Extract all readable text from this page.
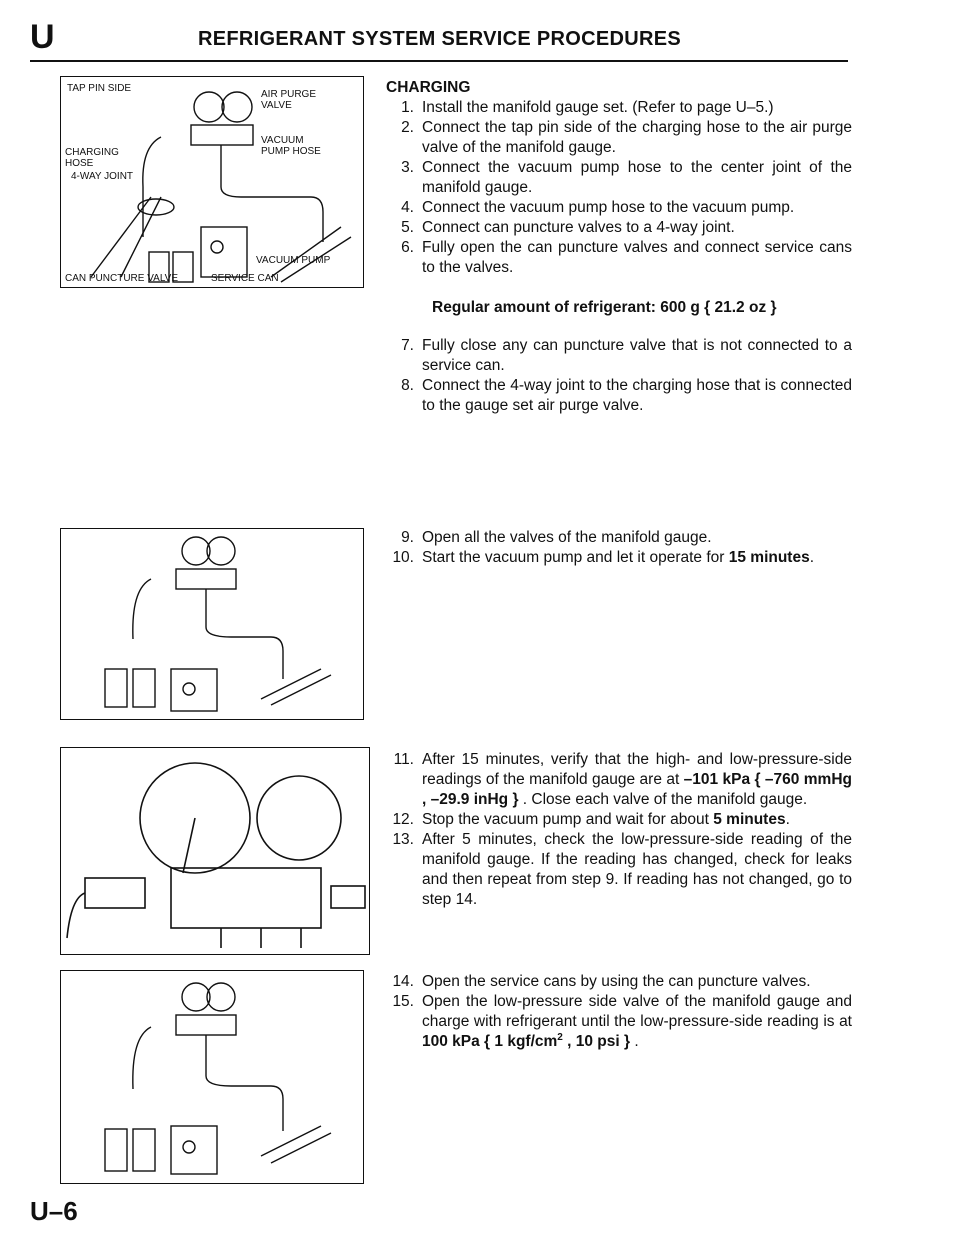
U	REFRIGERANT SYSTEM SERVICE PROCEDURES
TAP PIN SIDE
AIR PURGE
VALVE
VACUUM
PUMP HOSE
CHARGING
HOSE
4-WAY JOINT
VACUUM PUMP
CAN PUNCTURE VALVE	SERVICE CAN
CHARGING
1. Install the manifold gauge set. (Refer to page U–5.)
2. Connect the tap pin side of the charging hose to the air purge valve of the manifold gauge.
3. Connect the vacuum pump hose to the center joint of the manifold gauge.
4. Connect the vacuum pump hose to the vacuum pump.
5. Connect can puncture valves to a 4-way joint.
6. Fully open the can puncture valves and connect service cans to the valves.
Regular amount of refrigerant: 600 g { 21.2 oz }
7. Fully close any can puncture valve that is not connected to a service can.
8. Connect the 4-way joint to the charging hose that is connected to the gauge set air purge valve.
9. Open all the valves of the manifold gauge.
10. Start the vacuum pump and let it operate for 15 minutes.
11. After 15 minutes, verify that the high- and low-pressure-side readings of the manifold gauge are at –101 kPa { –760 mmHg , –29.9 inHg } . Close each valve of the manifold gauge.
12. Stop the vacuum pump and wait for about 5 minutes.
13. After 5 minutes, check the low-pressure-side reading of the manifold gauge. If the reading has changed, check for leaks and then repeat from step 9. If reading has not changed, go to step 14.
14. Open the service cans by using the can puncture valves.
15. Open the low-pressure side valve of the manifold gauge and charge with refrigerant until the low-pressure-side reading is at 100 kPa { 1 kgf/$cm^2$ , 10 psi } .
U–6
